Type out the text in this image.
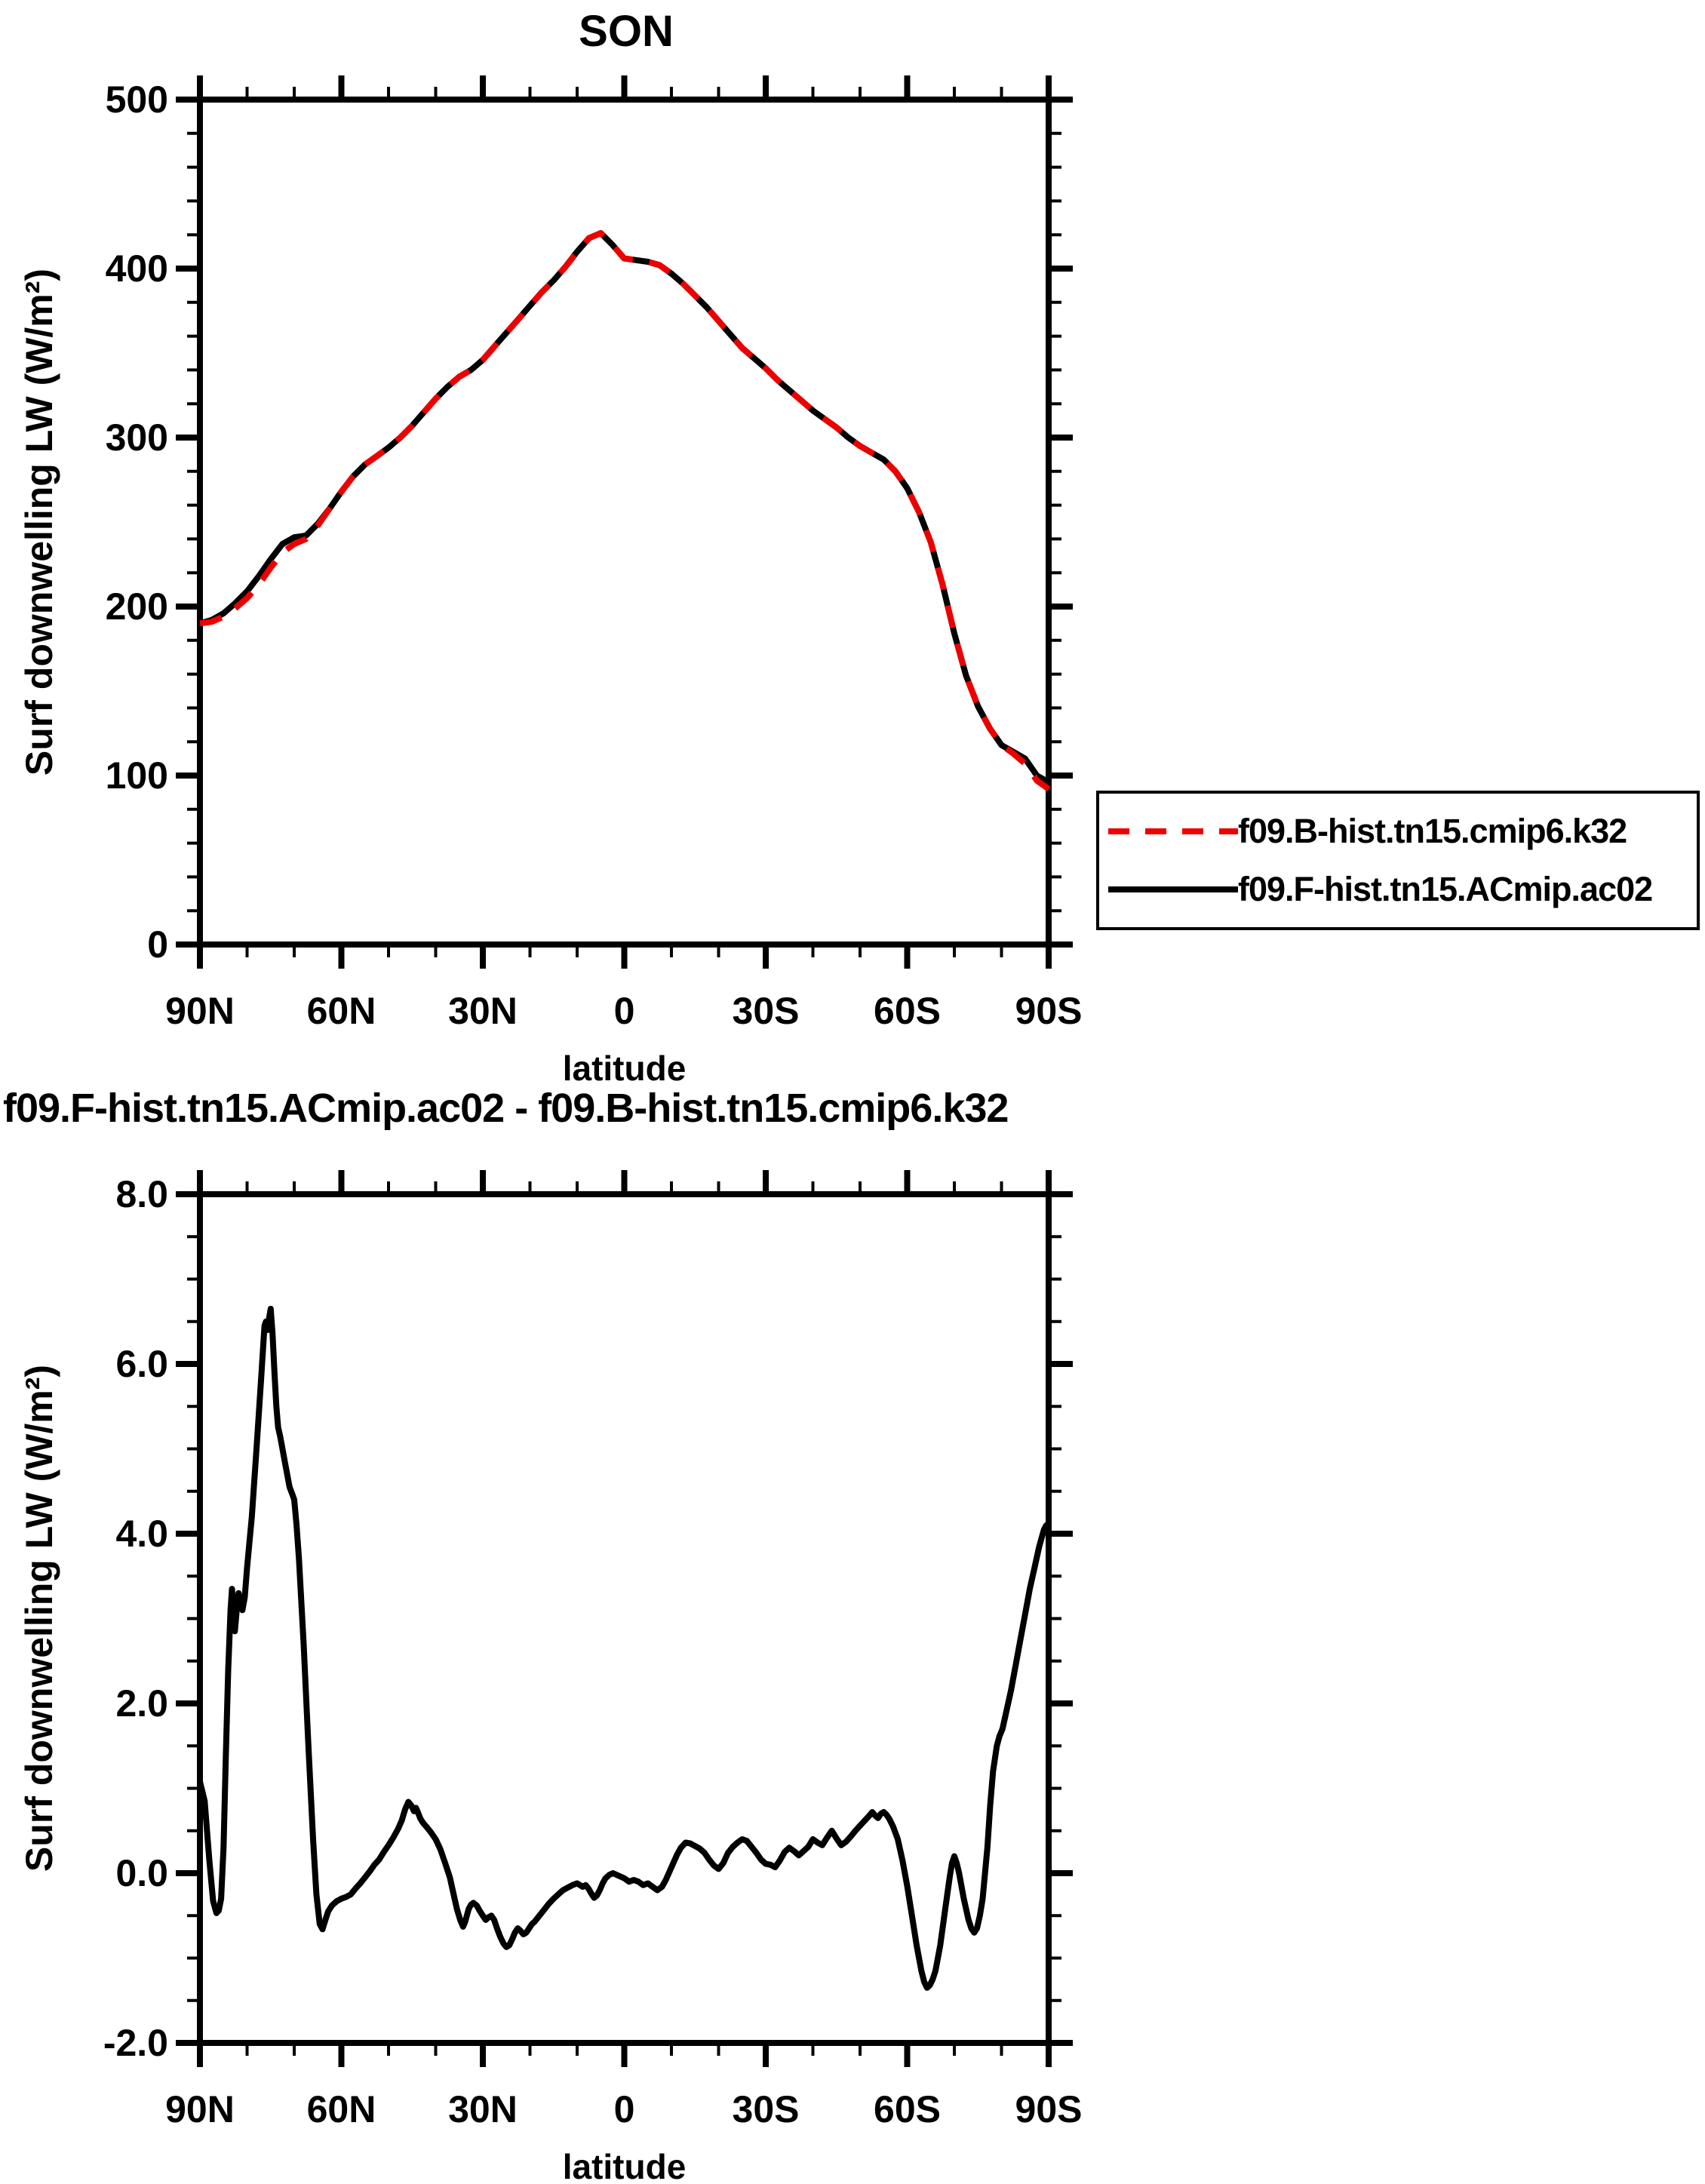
90N 60N 30N	0	30S 60S 90S
0
100
200
300
400
500
latitude
90N 60N 30N	0	30S 60S 90S
8.0
6.0
4.0
2.0
0.0
-2.0
latitude
SON
Surf downwelling LW (W/m²)
f09.B-hist.tn15.cmip6.k32
f09.F-hist.tn15.ACmip.ac02
f09.F-hist.tn15.ACmip.ac02 - f09.B-hist.tn15.cmip6.k32
Surf downwelling LW (W/m²)
